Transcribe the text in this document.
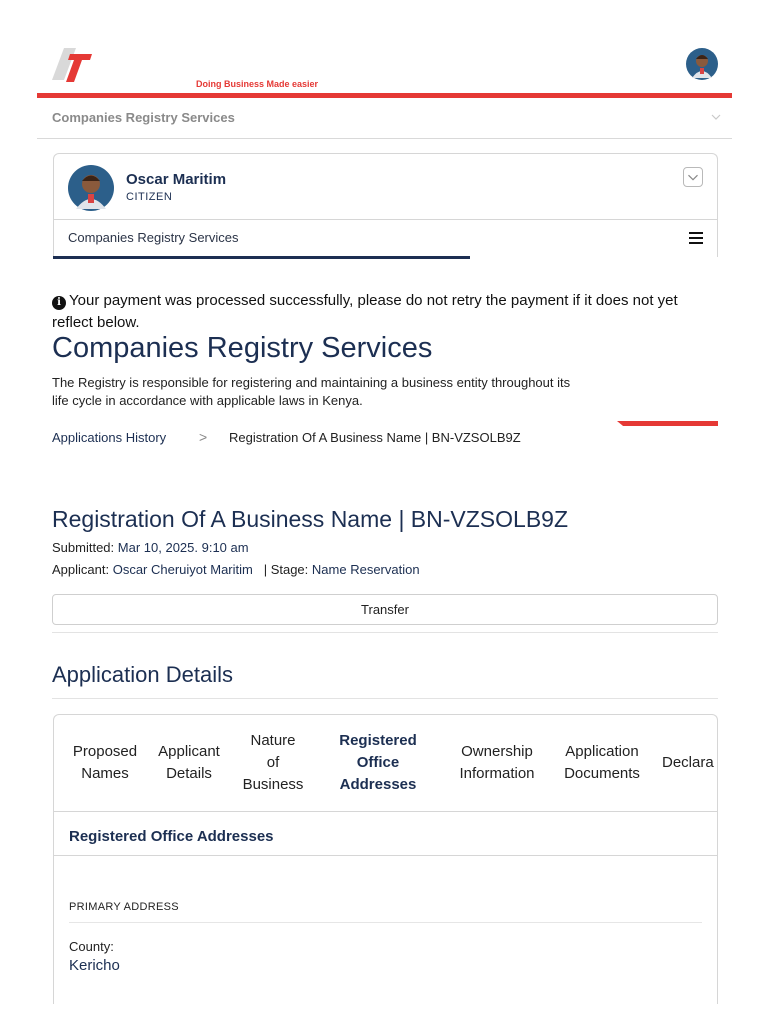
Doing Business Made easier
Companies Registry Services
Oscar Maritim
CITIZEN
Companies Registry Services
i Your payment was processed successfully, please do not retry the payment if it does not yet reflect below.
Companies Registry Services

The Registry is responsible for registering and maintaining a business entity throughout its life cycle in accordance with applicable laws in Kenya.

Applications History > Registration Of A Business Name | BN-VZSOLB9Z
Registration Of A Business Name | BN-VZSOLB9Z
Submitted: Mar 10, 2025. 9:10 am
Applicant: Oscar Cheruiyot Maritim | Stage: Name Reservation
Transfer
Application Details
Proposed
Names
Applicant
Details
Nature
of
Business
Registered
Office
Addresses
Ownership
Information
Application
Documents
Declara
Registered Office Addresses
PRIMARY ADDRESS
County:
Kericho
